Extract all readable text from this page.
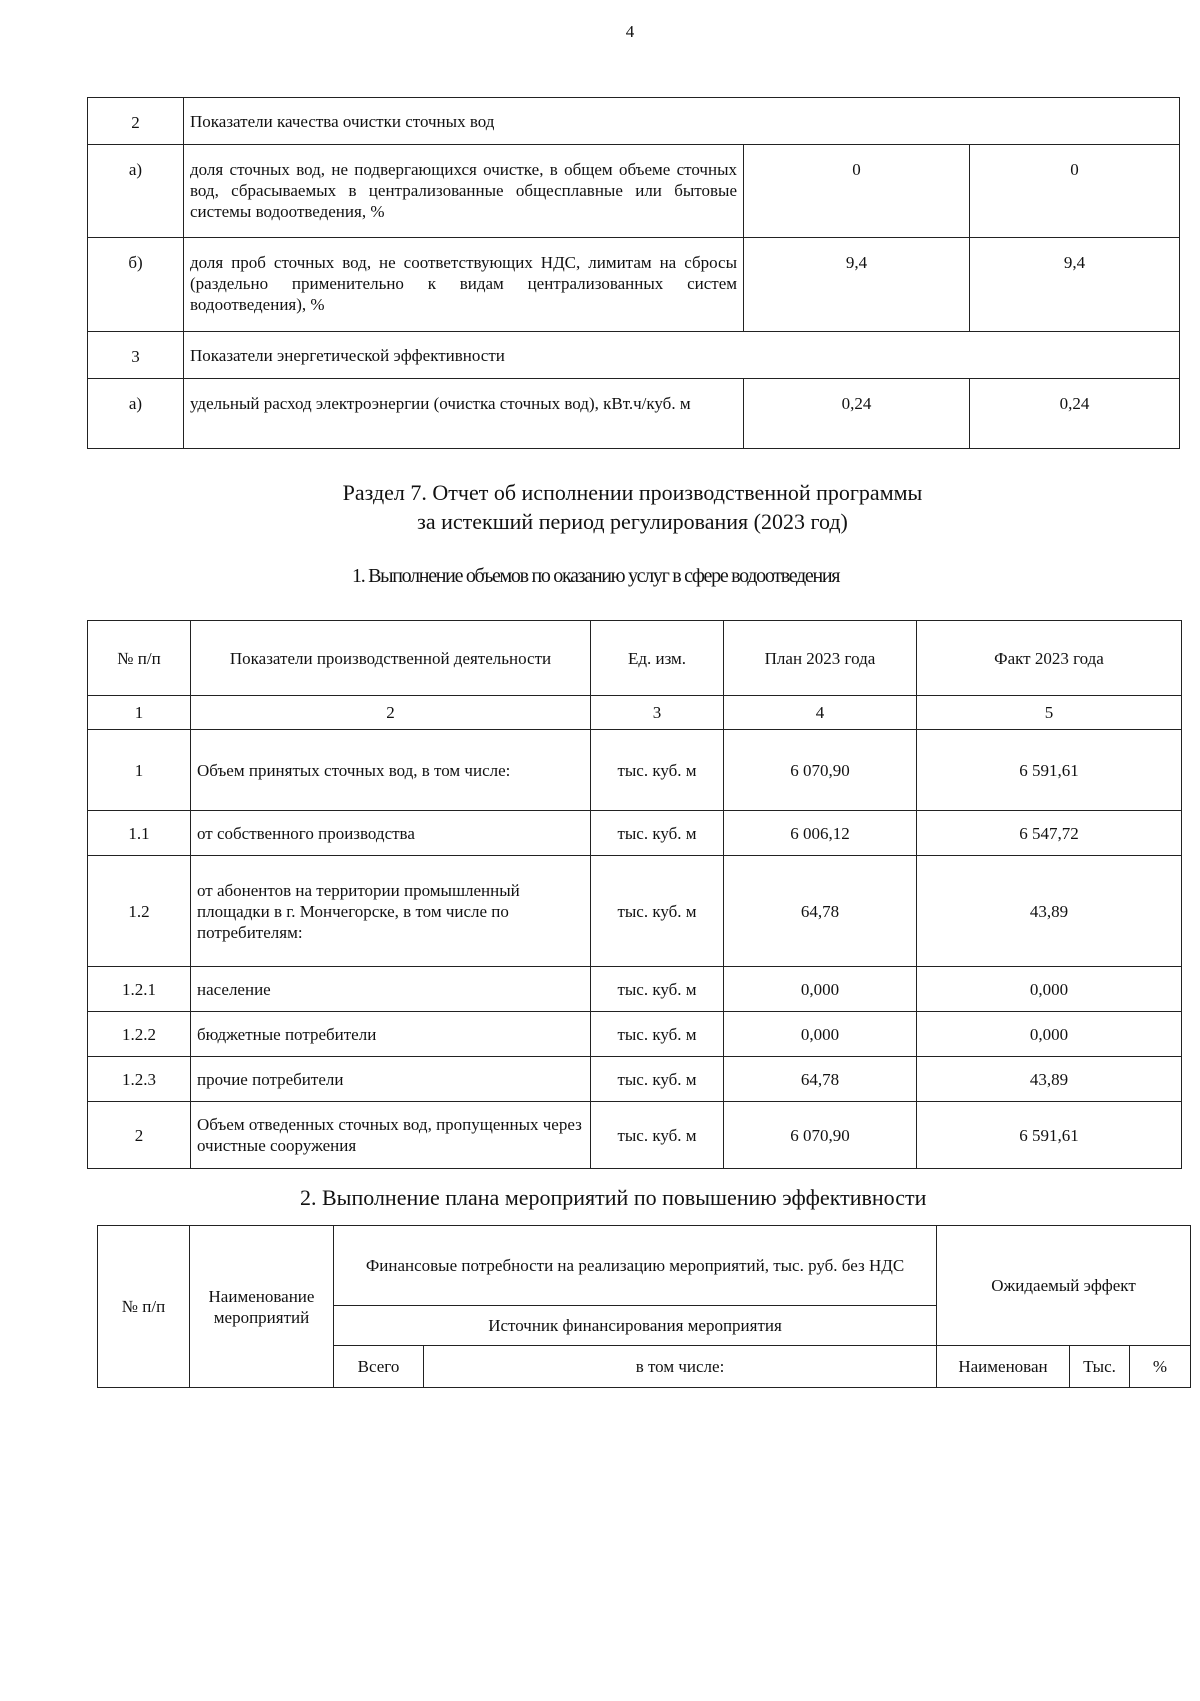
4
2	Показатели качества очистки сточных вод		
а)	доля сточных вод, не подвергающихся очистке, в общем объеме сточных вод, сбрасываемых в централизованные общесплавные или бытовые системы водоотведения, %	0	0
б)	доля проб сточных вод, не соответствующих НДС, лимитам на сбросы (раздельно применительно к видам централизованных систем водоотведения), %	9,4	9,4
3	Показатели энергетической эффективности		
а)	удельный расход электроэнергии (очистка сточных вод), кВт.ч/куб. м	0,24	0,24
Раздел 7. Отчет об исполнении производственной программы
за истекший период регулирования (2023 год)
1. Выполнение объемов по оказанию услуг в сфере водоотведения
№ п/п	Показатели производственной деятельности	Ед. изм.	План 2023 года	Факт 2023 года
1	2	3	4	5
1	Объем принятых сточных вод, в том числе:	тыс. куб. м	6 070,90	6 591,61
1.1	от собственного производства	тыс. куб. м	6 006,12	6 547,72
1.2	от абонентов на территории промышленный площадки в г. Мончегорске, в том числе по потребителям:	тыс. куб. м	64,78	43,89
1.2.1	население	тыс. куб. м	0,000	0,000
1.2.2	бюджетные потребители	тыс. куб. м	0,000	0,000
1.2.3	прочие потребители	тыс. куб. м	64,78	43,89
2	Объем отведенных сточных вод, пропущенных через очистные сооружения	тыс. куб. м	6 070,90	6 591,61
2. Выполнение плана мероприятий по повышению эффективности
№ п/п	Наименование мероприятий	Финансовые потребности на реализацию мероприятий, тыс. руб. без НДС		Ожидаемый эффект		
		Источник финансирования мероприятия				
		Всего	в том числе:	Наименован	Тыс.	%
